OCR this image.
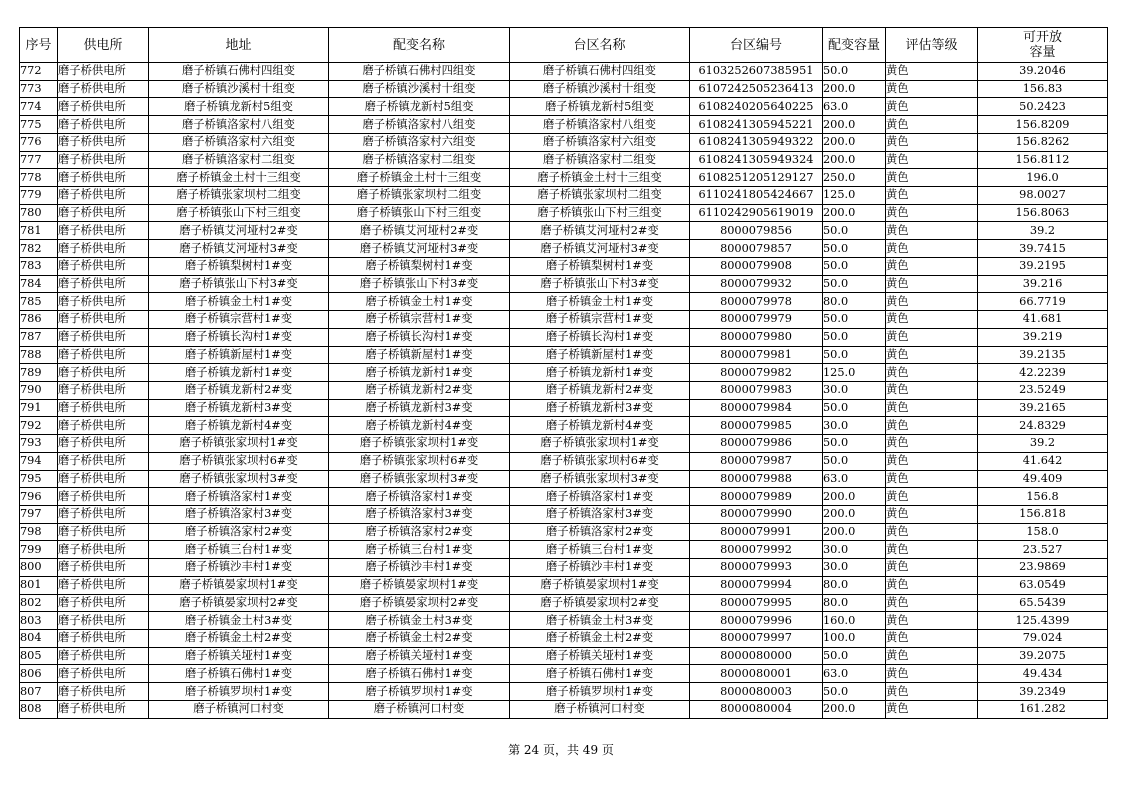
序号	供电所	地址	配变名称	台区名称	台区编号	配变容量	评估等级	可开放
容量
772	磨子桥供电所	磨子桥镇石佛村四组变	磨子桥镇石佛村四组变	磨子桥镇石佛村四组变	6103252607385951	50.0	黄色	39.2046
773	磨子桥供电所	磨子桥镇沙溪村十组变	磨子桥镇沙溪村十组变	磨子桥镇沙溪村十组变	6107242505236413	200.0	黄色	156.83
774	磨子桥供电所	磨子桥镇龙新村5组变	磨子桥镇龙新村5组变	磨子桥镇龙新村5组变	6108240205640225	63.0	黄色	50.2423
775	磨子桥供电所	磨子桥镇洛家村八组变	磨子桥镇洛家村八组变	磨子桥镇洛家村八组变	6108241305945221	200.0	黄色	156.8209
776	磨子桥供电所	磨子桥镇洛家村六组变	磨子桥镇洛家村六组变	磨子桥镇洛家村六组变	6108241305949322	200.0	黄色	156.8262
777	磨子桥供电所	磨子桥镇洛家村二组变	磨子桥镇洛家村二组变	磨子桥镇洛家村二组变	6108241305949324	200.0	黄色	156.8112
778	磨子桥供电所	磨子桥镇金土村十三组变	磨子桥镇金土村十三组变	磨子桥镇金土村十三组变	6108251205129127	250.0	黄色	196.0
779	磨子桥供电所	磨子桥镇张家坝村二组变	磨子桥镇张家坝村二组变	磨子桥镇张家坝村二组变	6110241805424667	125.0	黄色	98.0027
780	磨子桥供电所	磨子桥镇张山下村三组变	磨子桥镇张山下村三组变	磨子桥镇张山下村三组变	6110242905619019	200.0	黄色	156.8063
781	磨子桥供电所	磨子桥镇艾河垭村2#变	磨子桥镇艾河垭村2#变	磨子桥镇艾河垭村2#变	8000079856	50.0	黄色	39.2
782	磨子桥供电所	磨子桥镇艾河垭村3#变	磨子桥镇艾河垭村3#变	磨子桥镇艾河垭村3#变	8000079857	50.0	黄色	39.7415
783	磨子桥供电所	磨子桥镇梨树村1#变	磨子桥镇梨树村1#变	磨子桥镇梨树村1#变	8000079908	50.0	黄色	39.2195
784	磨子桥供电所	磨子桥镇张山下村3#变	磨子桥镇张山下村3#变	磨子桥镇张山下村3#变	8000079932	50.0	黄色	39.216
785	磨子桥供电所	磨子桥镇金土村1#变	磨子桥镇金土村1#变	磨子桥镇金土村1#变	8000079978	80.0	黄色	66.7719
786	磨子桥供电所	磨子桥镇宗营村1#变	磨子桥镇宗营村1#变	磨子桥镇宗营村1#变	8000079979	50.0	黄色	41.681
787	磨子桥供电所	磨子桥镇长沟村1#变	磨子桥镇长沟村1#变	磨子桥镇长沟村1#变	8000079980	50.0	黄色	39.219
788	磨子桥供电所	磨子桥镇新屋村1#变	磨子桥镇新屋村1#变	磨子桥镇新屋村1#变	8000079981	50.0	黄色	39.2135
789	磨子桥供电所	磨子桥镇龙新村1#变	磨子桥镇龙新村1#变	磨子桥镇龙新村1#变	8000079982	125.0	黄色	42.2239
790	磨子桥供电所	磨子桥镇龙新村2#变	磨子桥镇龙新村2#变	磨子桥镇龙新村2#变	8000079983	30.0	黄色	23.5249
791	磨子桥供电所	磨子桥镇龙新村3#变	磨子桥镇龙新村3#变	磨子桥镇龙新村3#变	8000079984	50.0	黄色	39.2165
792	磨子桥供电所	磨子桥镇龙新村4#变	磨子桥镇龙新村4#变	磨子桥镇龙新村4#变	8000079985	30.0	黄色	24.8329
793	磨子桥供电所	磨子桥镇张家坝村1#变	磨子桥镇张家坝村1#变	磨子桥镇张家坝村1#变	8000079986	50.0	黄色	39.2
794	磨子桥供电所	磨子桥镇张家坝村6#变	磨子桥镇张家坝村6#变	磨子桥镇张家坝村6#变	8000079987	50.0	黄色	41.642
795	磨子桥供电所	磨子桥镇张家坝村3#变	磨子桥镇张家坝村3#变	磨子桥镇张家坝村3#变	8000079988	63.0	黄色	49.409
796	磨子桥供电所	磨子桥镇洛家村1#变	磨子桥镇洛家村1#变	磨子桥镇洛家村1#变	8000079989	200.0	黄色	156.8
797	磨子桥供电所	磨子桥镇洛家村3#变	磨子桥镇洛家村3#变	磨子桥镇洛家村3#变	8000079990	200.0	黄色	156.818
798	磨子桥供电所	磨子桥镇洛家村2#变	磨子桥镇洛家村2#变	磨子桥镇洛家村2#变	8000079991	200.0	黄色	158.0
799	磨子桥供电所	磨子桥镇三台村1#变	磨子桥镇三台村1#变	磨子桥镇三台村1#变	8000079992	30.0	黄色	23.527
800	磨子桥供电所	磨子桥镇沙丰村1#变	磨子桥镇沙丰村1#变	磨子桥镇沙丰村1#变	8000079993	30.0	黄色	23.9869
801	磨子桥供电所	磨子桥镇晏家坝村1#变	磨子桥镇晏家坝村1#变	磨子桥镇晏家坝村1#变	8000079994	80.0	黄色	63.0549
802	磨子桥供电所	磨子桥镇晏家坝村2#变	磨子桥镇晏家坝村2#变	磨子桥镇晏家坝村2#变	8000079995	80.0	黄色	65.5439
803	磨子桥供电所	磨子桥镇金土村3#变	磨子桥镇金土村3#变	磨子桥镇金土村3#变	8000079996	160.0	黄色	125.4399
804	磨子桥供电所	磨子桥镇金土村2#变	磨子桥镇金土村2#变	磨子桥镇金土村2#变	8000079997	100.0	黄色	79.024
805	磨子桥供电所	磨子桥镇关垭村1#变	磨子桥镇关垭村1#变	磨子桥镇关垭村1#变	8000080000	50.0	黄色	39.2075
806	磨子桥供电所	磨子桥镇石佛村1#变	磨子桥镇石佛村1#变	磨子桥镇石佛村1#变	8000080001	63.0	黄色	49.434
807	磨子桥供电所	磨子桥镇罗坝村1#变	磨子桥镇罗坝村1#变	磨子桥镇罗坝村1#变	8000080003	50.0	黄色	39.2349
808	磨子桥供电所	磨子桥镇河口村变	磨子桥镇河口村变	磨子桥镇河口村变	8000080004	200.0	黄色	161.282
第 24 页，共 49 页
